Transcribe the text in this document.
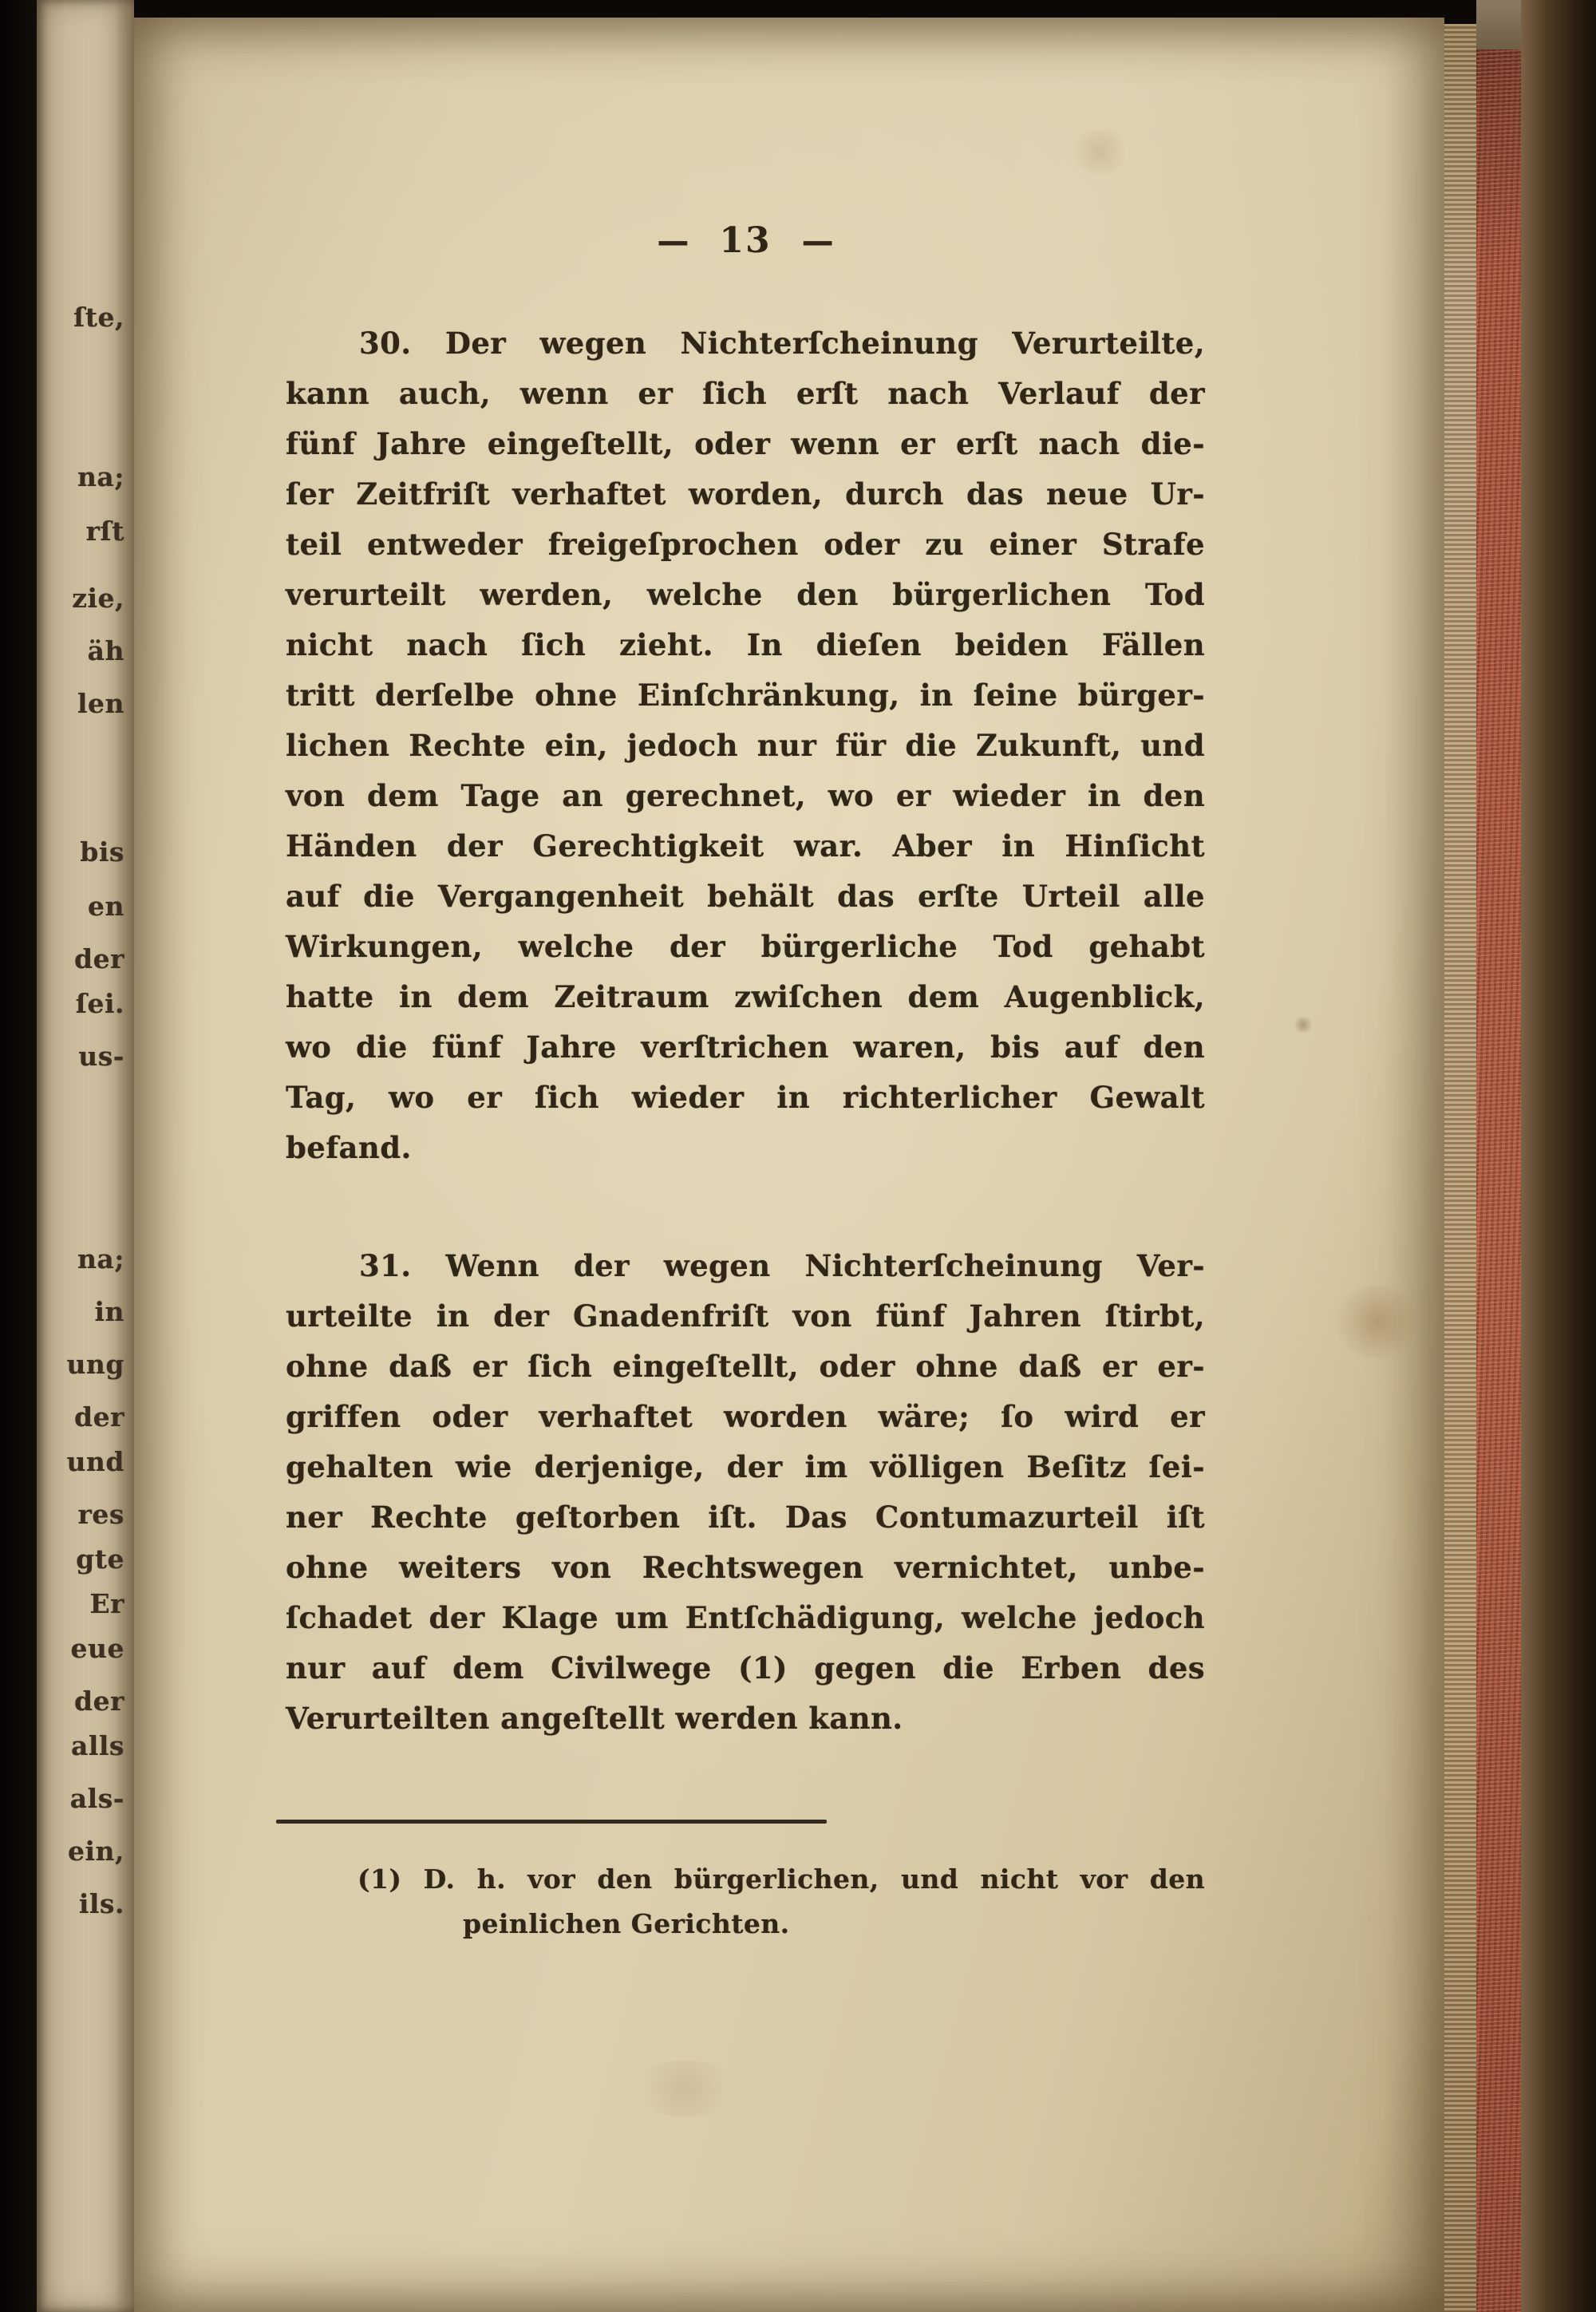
ſte,
na;
rſt
zie,
äh
len
bis
en
der
ſei.
us-
na;
in
ung
der
und
res
gte
Er
eue
der
alls
als-
ein,
ils.
— 13 —
30. Der wegen Nichterſcheinung Verurteilte,
kann auch, wenn er ſich erſt nach Verlauf der
fünf Jahre eingeſtellt, oder wenn er erſt nach die-
ſer Zeitfriſt verhaftet worden, durch das neue Ur-
teil entweder freigeſprochen oder zu einer Strafe
verurteilt werden, welche den bürgerlichen Tod
nicht nach ſich zieht. In dieſen beiden Fällen
tritt derſelbe ohne Einſchränkung, in ſeine bürger-
lichen Rechte ein, jedoch nur für die Zukunft, und
von dem Tage an gerechnet, wo er wieder in den
Händen der Gerechtigkeit war. Aber in Hinſicht
auf die Vergangenheit behält das erſte Urteil alle
Wirkungen, welche der bürgerliche Tod gehabt
hatte in dem Zeitraum zwiſchen dem Augenblick,
wo die fünf Jahre verſtrichen waren, bis auf den
Tag, wo er ſich wieder in richterlicher Gewalt
befand.
31. Wenn der wegen Nichterſcheinung Ver-
urteilte in der Gnadenfriſt von fünf Jahren ſtirbt,
ohne daß er ſich eingeſtellt, oder ohne daß er er-
griffen oder verhaftet worden wäre; ſo wird er
gehalten wie derjenige, der im völligen Beſitz ſei-
ner Rechte geſtorben iſt. Das Contumazurteil iſt
ohne weiters von Rechtswegen vernichtet, unbe-
ſchadet der Klage um Entſchädigung, welche jedoch
nur auf dem Civilwege (1) gegen die Erben des
Verurteilten angeſtellt werden kann.
(1) D. h. vor den bürgerlichen, und nicht vor den
peinlichen Gerichten.
